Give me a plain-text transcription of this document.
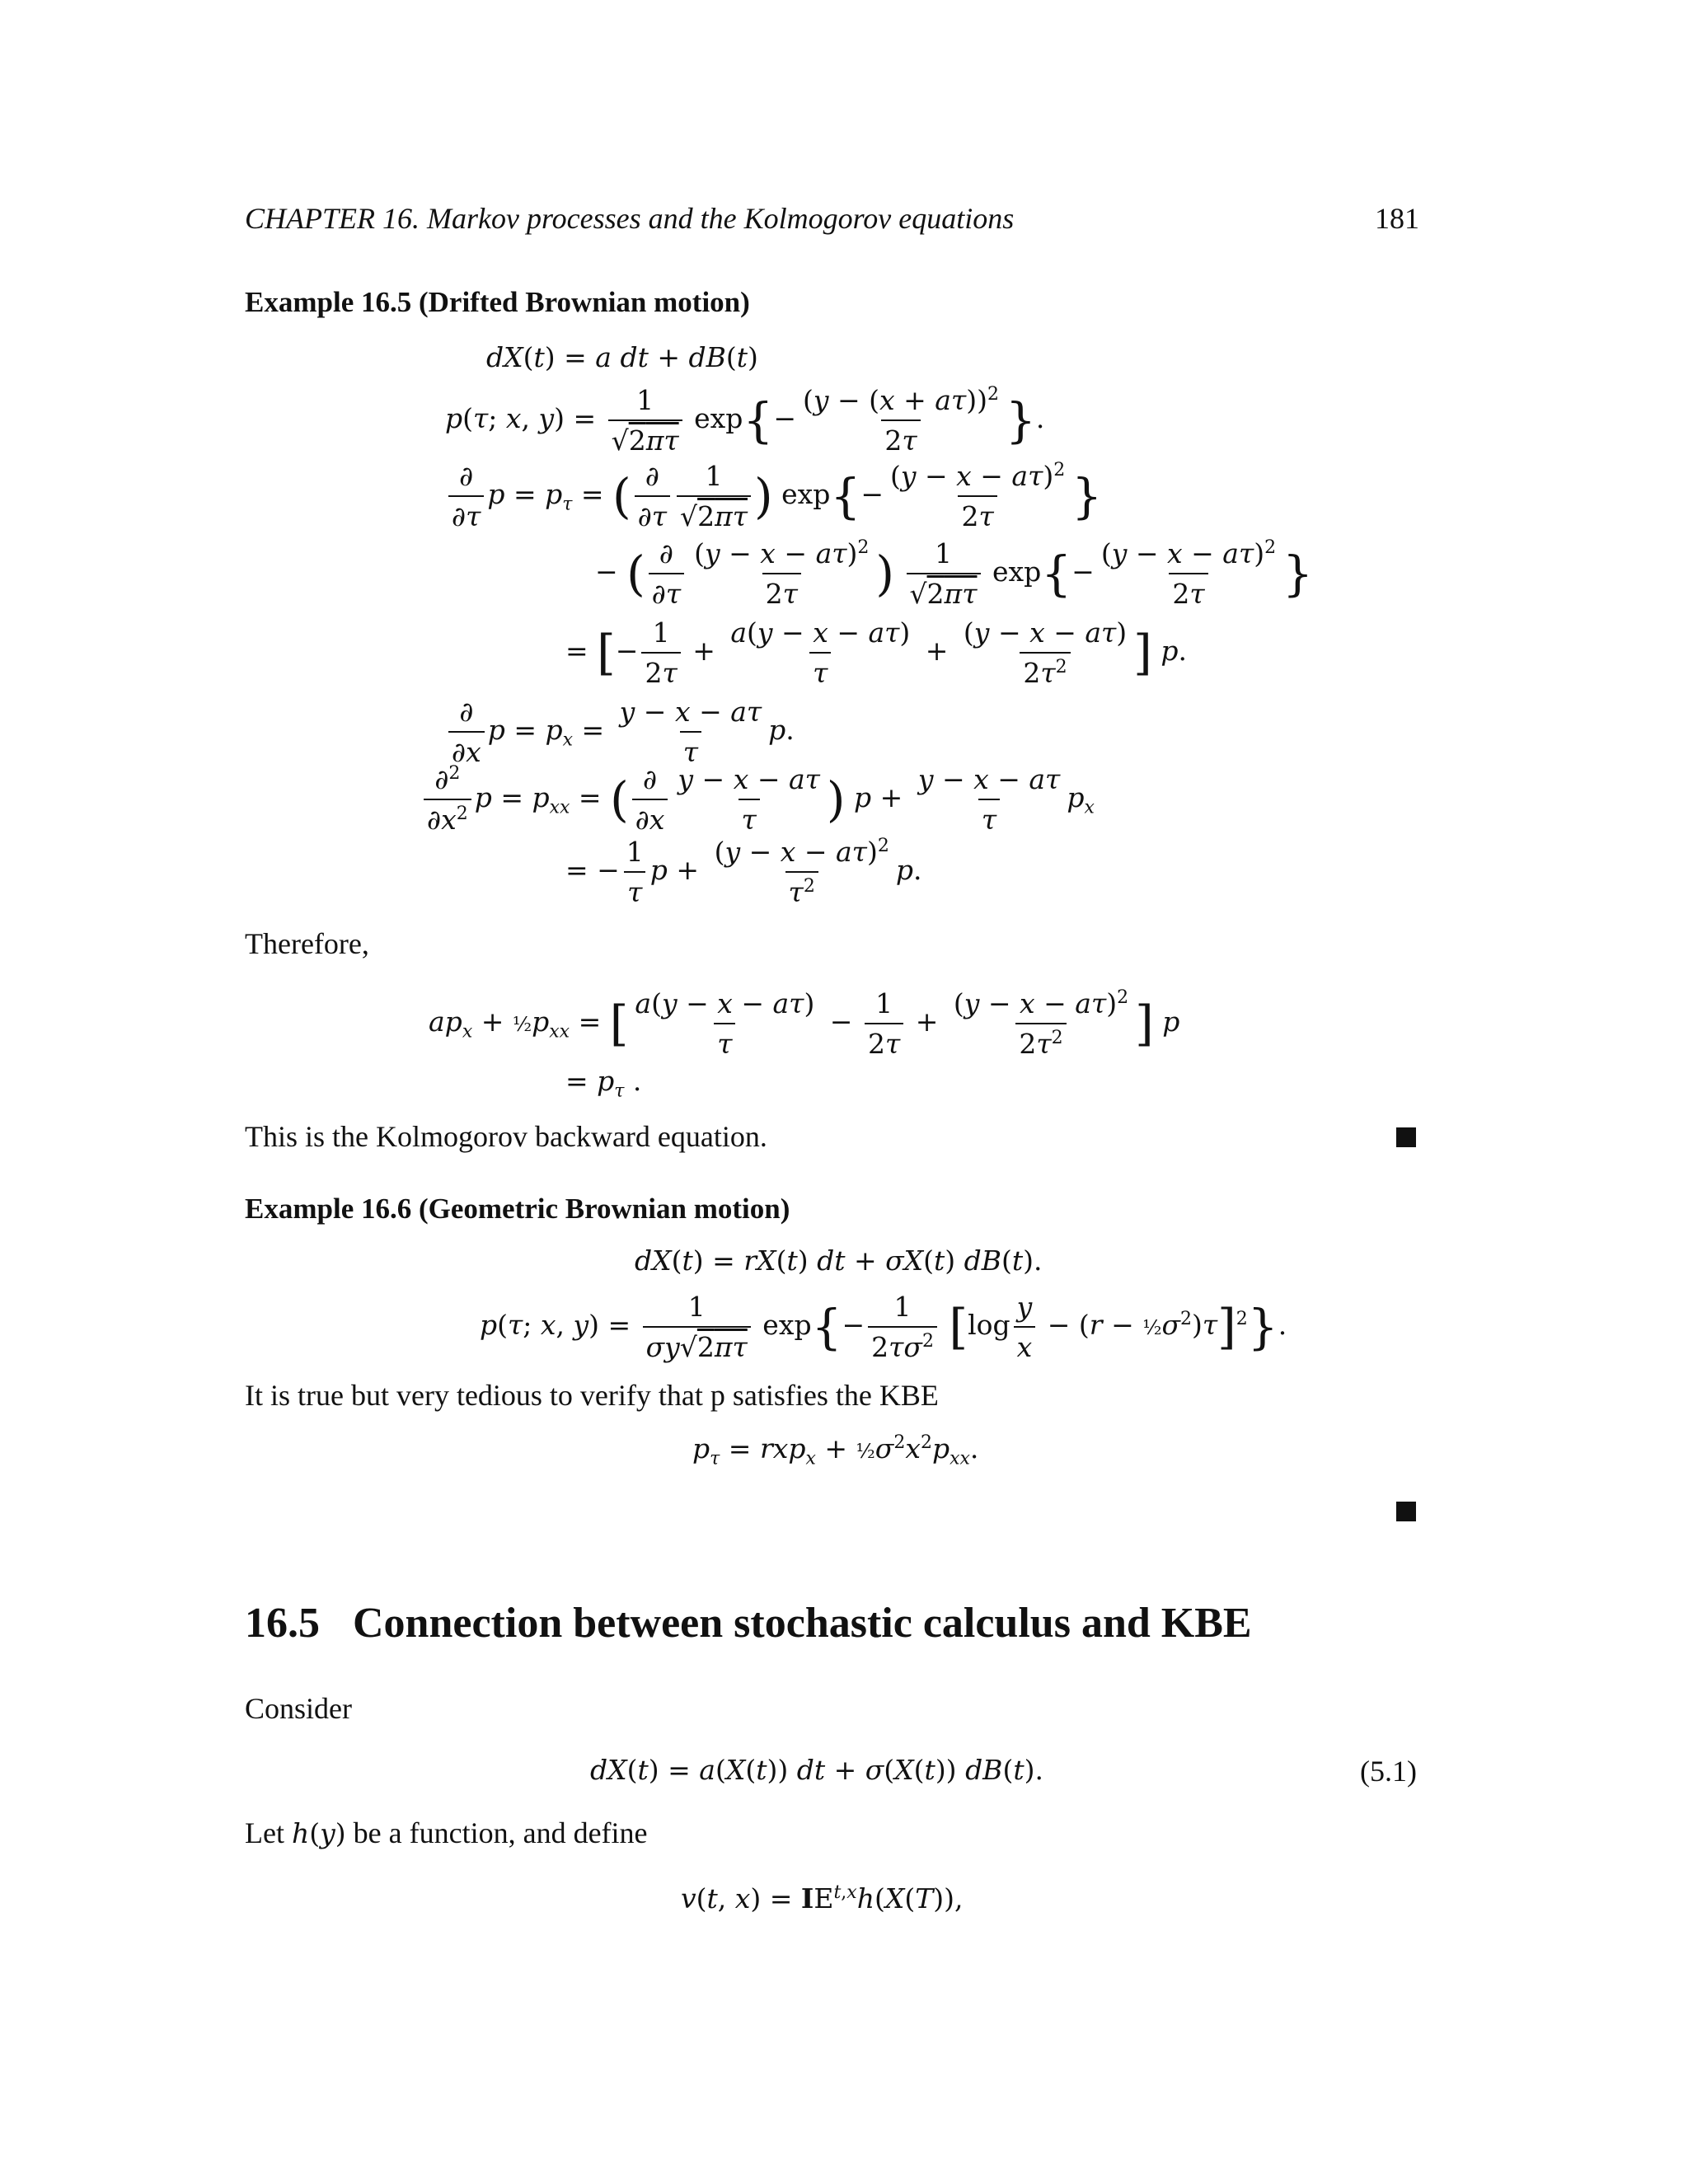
CHAPTER 16. Markov processes and the Kolmogorov equations	181
Example 16.5 (Drifted Brownian motion)
dX(t) = a dt + dB(t)
p(τ; x, $y) = \frac{1}{√2\pi\tau} \exp\{- \frac{(y - (x + a\tau))^2}{2\tau}$ }.
$\frac{\partial}{\partial\tau}$ $p = p_\tau$ = ( $\frac{\partial}{\partial\tau} \frac{1}{√2\pi\tau}$ ) $\exp\{- \frac{(y - x - a\tau)^2}{2\tau}$ }
− ( $\frac{\partial}{\partial\tau} \frac{(y - x - a\tau)^2}{2\tau}$ ) $\frac{1}{√2\pi\tau} \exp\{- \frac{(y - x - a\tau)^2}{2\tau}$ }
= [− $\frac{1}{2\tau} + \frac{a(y - x - a\tau)}{\tau} + \frac{(y - x - a\tau)}{2\tau^2}$ ] p.
$\frac{\partial}{\partial x}$ $p = p_x = \frac{y - x - a\tau}{\tau} p$.
$\frac{\partial^2}{\partial x^2}$ $p = p_{xx}$ = ( $\frac{\partial}{\partial x} \frac{y - x - a\tau}{\tau}$ ) $p + \frac{y - x - a\tau}{\tau} p_x$
= − $\frac{1}{\tau}$ $p + \frac{(y - x - a\tau)^2}{\tau^2} p$.
Therefore,
$ap_x$ + $\frac{1}{2}p_{xx}$ = [ $\frac{a(y - x - a\tau)}{\tau} - \frac{1}{2\tau} + \frac{(y - x - a\tau)^2}{2\tau^2}$ ] p
= $p_\tau$ .
This is the Kolmogorov backward equation.
Example 16.6 (Geometric Brownian motion)
dX(t) = rX(t) dt + σX(t) dB(t).
p(τ; x, $y) = \frac{1}{\sigma y√2\pi\tau} \exp\{- \frac{1}{2\tau\sigma^2} [\log \frac{y}{x} - (r$ − $\frac{1}{2}\sigma^2)\tau]^2$}.
It is true but very tedious to verify that p satisfies the KBE
$p_\tau = rxp_x$ + $\frac{1}{2}\sigma^2x^2p_{xx}$.
16.5 Connection between stochastic calculus and KBE
Consider
dX(t) = a(X(t)) dt + σ(X(t)) dB(t).	(5.1)
Let h(y) be a function, and define
v(t, x) = IE$^{t,x}$h(X(T)),
